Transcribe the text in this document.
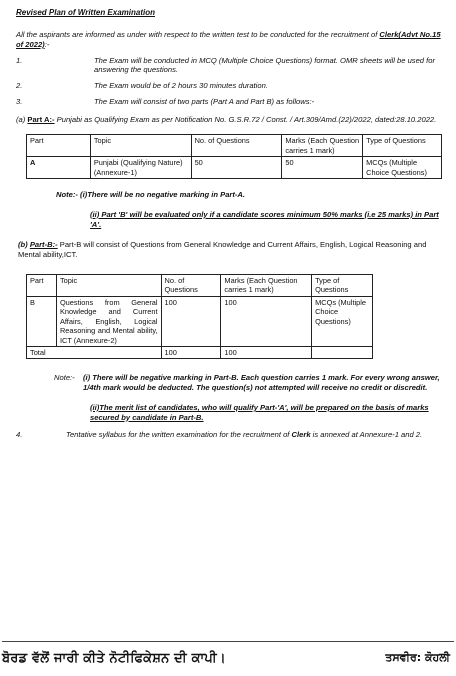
Revised Plan of Written Examination
All the aspirants are informed as under with respect to the written test to be conducted for the recruitment of Clerk(Advt No.15 of 2022):-
1.	The Exam will be conducted in MCQ (Multiple Choice Questions) format. OMR sheets will be used for answering the questions.
2.	The Exam would be of 2 hours 30 minutes duration.
3.	The Exam will consist of two parts (Part A and Part B) as follows:-
(a) Part A:- Punjabi as Qualifying Exam as per Notification No. G.S.R.72 / Const. / Art.309/Amd.(22)/2022, dated:28.10.2022.
Part	Topic	No. of Questions	Marks (Each Question carries 1 mark)	Type of Questions
A	Punjabi (Qualifying Nature) (Annexure-1)	50	50	MCQs (Multiple Choice Questions)
Note:- (i)There will be no negative marking in Part-A.
(ii) Part 'B' will be evaluated only if a candidate scores minimum 50% marks (i.e 25 marks) in Part 'A'.
(b) Part-B:- Part-B will consist of Questions from General Knowledge and Current Affairs, English, Logical Reasoning and Mental ability,ICT.
Part	Topic	No. of Questions	Marks (Each Question carries 1 mark)	Type of Questions
B	Questions from General Knowledge and Current Affairs, English, Logical Reasoning and Mental ability, ICT (Annexure-2)	100	100	MCQs (Multiple Choice Questions)
Total		100	100	
Note:-	(i) There will be negative marking in Part-B. Each question carries 1 mark. For every wrong answer, 1/4th mark would be deducted. The question(s) not attempted will receive no credit or discredit.
(ii)The merit list of candidates, who will qualify Part-'A', will be prepared on the basis of marks secured by candidate in Part-B.
4.	Tentative syllabus for the written examination for the recruitment of Clerk is annexed at Annexure-1 and 2.
ਬੋਰਡ ਵੱਲੋਂ ਜਾਰੀ ਕੀਤੇ ਨੋਟੀਫਿਕੇਸ਼ਨ ਦੀ ਕਾਪੀ।	ਤਸਵੀਰ: ਕੋਹਲੀ
